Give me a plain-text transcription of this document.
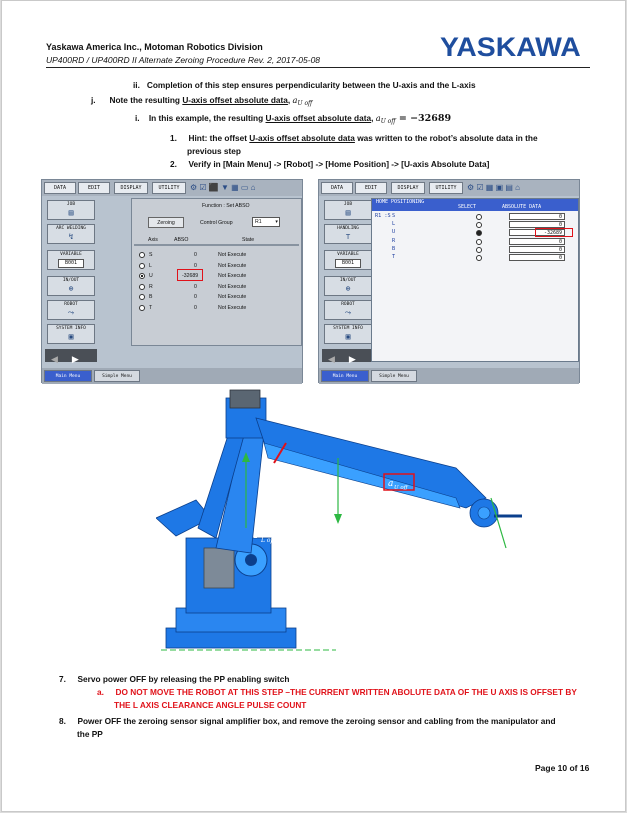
Yaskawa America Inc., Motoman Robotics Division
UP400RD / UP400RD II Alternate Zeroing Procedure Rev. 2, 2017-05-08	YASKAWA
ii. Completion of this step ensures perpendicularity between the U-axis and the L-axis
j. Note the resulting U-axis offset absolute data, $a_{U off}$
i. In this example, the resulting U-axis offset absolute data, $a_{U off} = -32689$
1. Hint: the offset U-axis offset absolute data was written to the robot’s absolute data in the
previous step
2. Verify in [Main Menu] -> [Robot] -> [Home Position] -> [U-axis Absolute Data]
DATA	EDIT	DISPLAY	UTILITY	⚙ ☑ ⬛ ▼ ▦ ▭ ⌂
JOB
▤
ARC WELDING
↯
VARIABLE
B001
IN/OUT
⊕
ROBOT
⤳
SYSTEM INFO
▣
◀ ▶
Function : Set ABSO
Zeroing	Control Group	R1	▾
Axis	ABSO	State
S	0	Not Execute
L	0	Not Execute
U	-32689	Not Execute
R	0	Not Execute
B	0	Not Execute
T	0	Not Execute
Main Menu	Simple Menu
DATA	EDIT	DISPLAY	UTILITY	⚙ ☑ ▦ ▣ ▤ ⌂
JOB
▤
HANDLING
⊤
VARIABLE
B001
IN/OUT
⊕
ROBOT
⤳
SYSTEM INFO
▣
◀ ▶
HOME POSITIONING
SELECT	ABSOLUTE DATA
R1 :S S	0
L	0
U	-32689
R	0
B	0
T	0
Main Menu	Simple Menu
P L off
a U off
7. Servo power OFF by releasing the PP enabling switch
a. DO NOT MOVE THE ROBOT AT THIS STEP –THE CURRENT WRITTEN ABOLUTE DATA OF THE U AXIS IS OFFSET BY
THE L AXIS CLEARANCE ANGLE PULSE COUNT
8. Power OFF the zeroing sensor signal amplifier box, and remove the zeroing sensor and cabling from the manipulator and
the PP
Page 10 of 16
